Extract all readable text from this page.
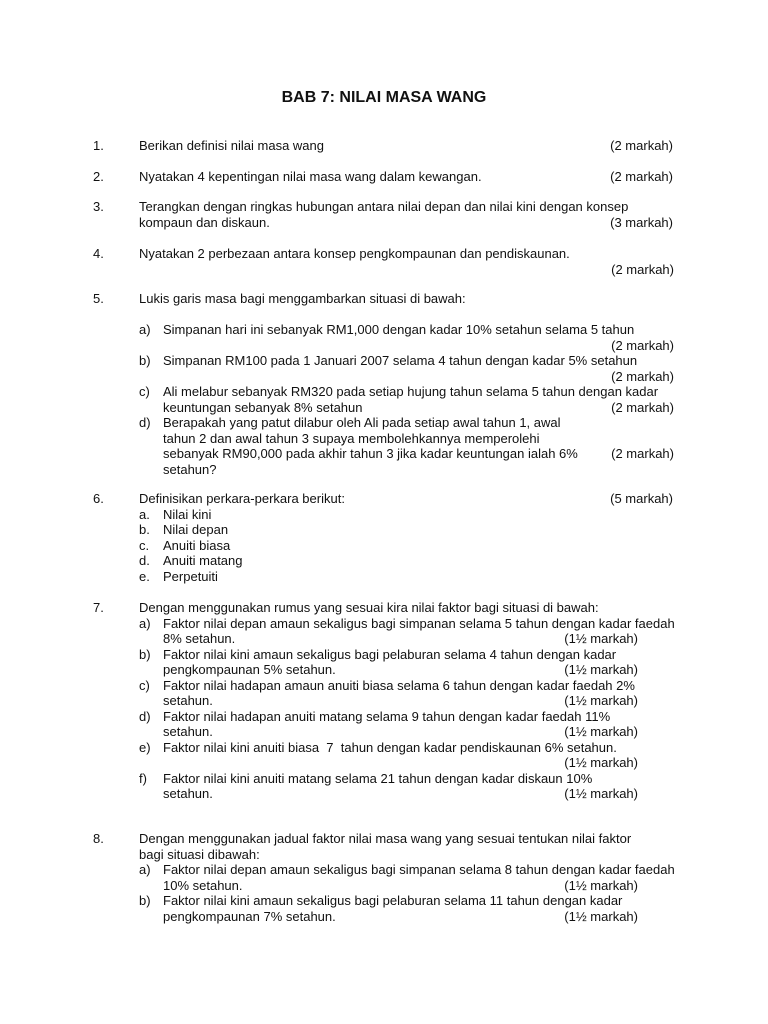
BAB 7: NILAI MASA WANG
1.	Berikan definisi nilai masa wang	(2 markah)
2.	Nyatakan 4 kepentingan nilai masa wang dalam kewangan.	(2 markah)
3.	Terangkan dengan ringkas hubungan antara nilai depan dan nilai kini dengan konsep kompaun dan diskaun.	(3 markah)
4.	Nyatakan 2 perbezaan antara konsep pengkompaunan dan pendiskaunan.
(2 markah)
5.	Lukis garis masa bagi menggambarkan situasi di bawah:
a) Simpanan hari ini sebanyak RM1,000 dengan kadar 10% setahun selama 5 tahun
(2 markah)
b) Simpanan RM100 pada 1 Januari 2007 selama 4 tahun dengan kadar 5% setahun
(2 markah)
c) Ali melabur sebanyak RM320 pada setiap hujung tahun selama 5 tahun dengan kadar keuntungan sebanyak 8% setahun	(2 markah)
d) Berapakah yang patut dilabur oleh Ali pada setiap awal tahun 1, awal tahun 2 dan awal tahun 3 supaya membolehkannya memperolehi sebanyak RM90,000 pada akhir tahun 3 jika kadar keuntungan ialah 6% setahun?
(2 markah)
6.	Definisikan perkara-perkara berikut:	(5 markah)
a. Nilai kini
b. Nilai depan
c. Anuiti biasa
d. Anuiti matang
e. Perpetuiti
7.	Dengan menggunakan rumus yang sesuai kira nilai faktor bagi situasi di bawah:
a) Faktor nilai depan amaun sekaligus bagi simpanan selama 5 tahun dengan kadar faedah 8% setahun.	(1½ markah)
b) Faktor nilai kini amaun sekaligus bagi pelaburan selama 4 tahun dengan kadar pengkompaunan 5% setahun.	(1½ markah)
c) Faktor nilai hadapan amaun anuiti biasa selama 6 tahun dengan kadar faedah 2% setahun.	(1½ markah)
d) Faktor nilai hadapan anuiti matang selama 9 tahun dengan kadar faedah 11% setahun.	(1½ markah)
e) Faktor nilai kini anuiti biasa  7  tahun dengan kadar pendiskaunan 6% setahun.
(1½ markah)
f) Faktor nilai kini anuiti matang selama 21 tahun dengan kadar diskaun 10% setahun.	(1½ markah)
8.	Dengan menggunakan jadual faktor nilai masa wang yang sesuai tentukan nilai faktor bagi situasi dibawah:
a) Faktor nilai depan amaun sekaligus bagi simpanan selama 8 tahun dengan kadar faedah 10% setahun.	(1½ markah)
b) Faktor nilai kini amaun sekaligus bagi pelaburan selama 11 tahun dengan kadar pengkompaunan 7% setahun.	(1½ markah)
